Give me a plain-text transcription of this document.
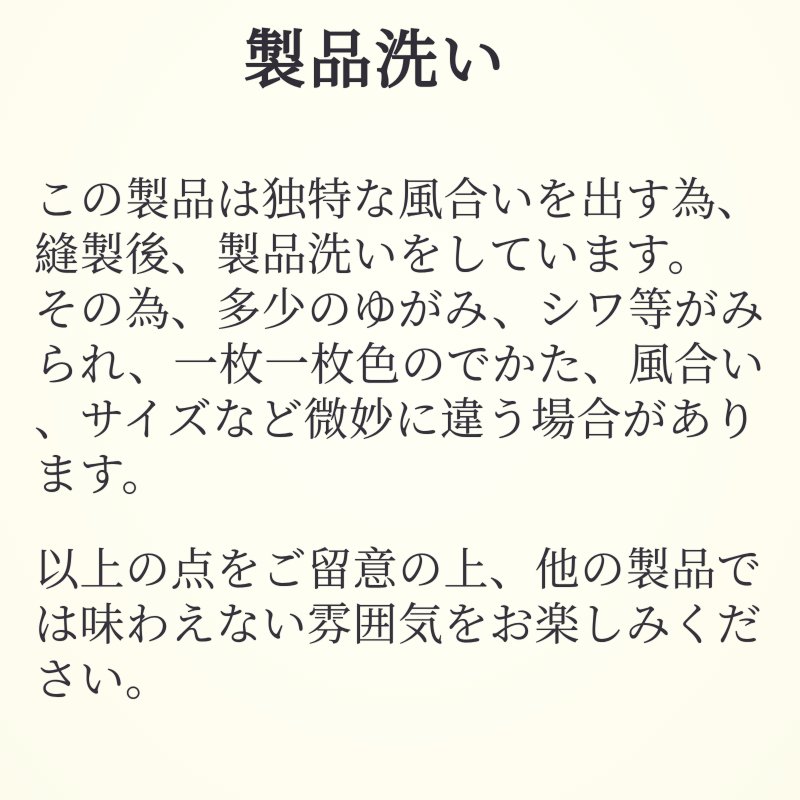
製品洗い
この製品は独特な風合いを出す為、
縫製後、製品洗いをしています。
その為、多少のゆがみ、シワ等がみ
られ、一枚一枚色のでかた、風合い
、サイズなど微妙に違う場合があり
ます。
以上の点をご留意の上、他の製品で
は味わえない雰囲気をお楽しみくだ
さい。
